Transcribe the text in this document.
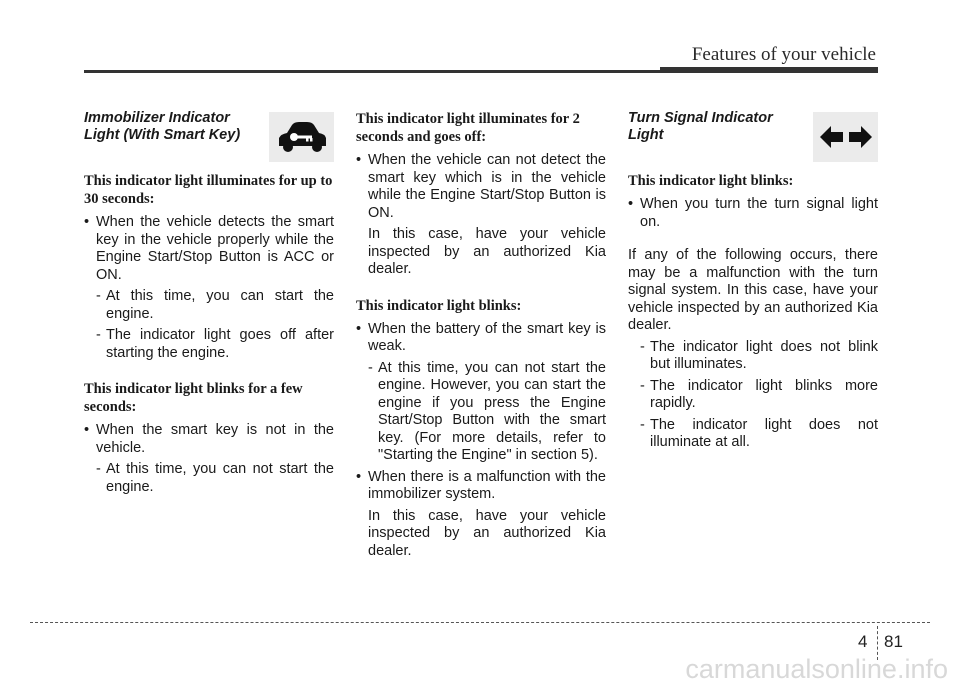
Features of your vehicle
Immobilizer Indicator
Light (With Smart Key)

This indicator light illuminates for up to 30 seconds:

• When the vehicle detects the smart key in the vehicle properly while the Engine Start/Stop Button is ACC or ON.

- At this time, you can start the engine.

- The indicator light goes off after starting the engine.

This indicator light blinks for a few seconds:

• When the smart key is not in the vehicle.

- At this time, you can not start the engine.

This indicator light illuminates for 2 seconds and goes off:

• When the vehicle can not detect the smart key which is in the vehicle while the Engine Start/Stop Button is ON.

In this case, have your vehicle inspected by an authorized Kia dealer.

This indicator light blinks:

• When the battery of the smart key is weak.

- At this time, you can not start the engine. However, you can start the engine if you press the Engine Start/Stop Button with the smart key. (For more details, refer to "Starting the Engine" in section 5).

• When there is a malfunction with the immobilizer system.

In this case, have your vehicle inspected by an authorized Kia dealer.

Turn Signal Indicator
Light

This indicator light blinks:

• When you turn the turn signal light on.

If any of the following occurs, there may be a malfunction with the turn signal system. In this case, have your vehicle inspected by an authorized Kia dealer.

- The indicator light does not blink but illuminates.

- The indicator light blinks more rapidly.

- The indicator light does not illuminate at all.

4 81
carmanualsonline.info
